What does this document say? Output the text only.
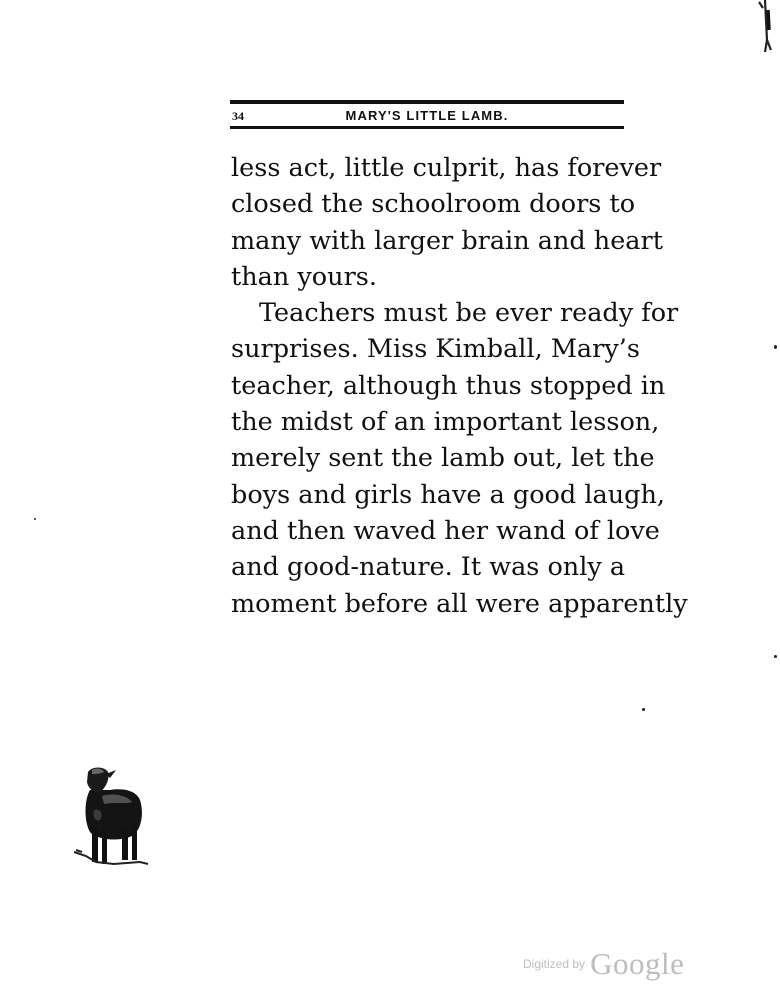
34	MARY'S LITTLE LAMB.
less act, little culprit, has forever
closed the schoolroom doors to
many with larger brain and heart
than yours.
Teachers must be ever ready for
surprises. Miss Kimball, Mary’s
teacher, although thus stopped in
the midst of an important lesson,
merely sent the lamb out, let the
boys and girls have a good laugh,
and then waved her wand of love
and good-nature. It was only a
moment before all were apparently
Digitized by Google
